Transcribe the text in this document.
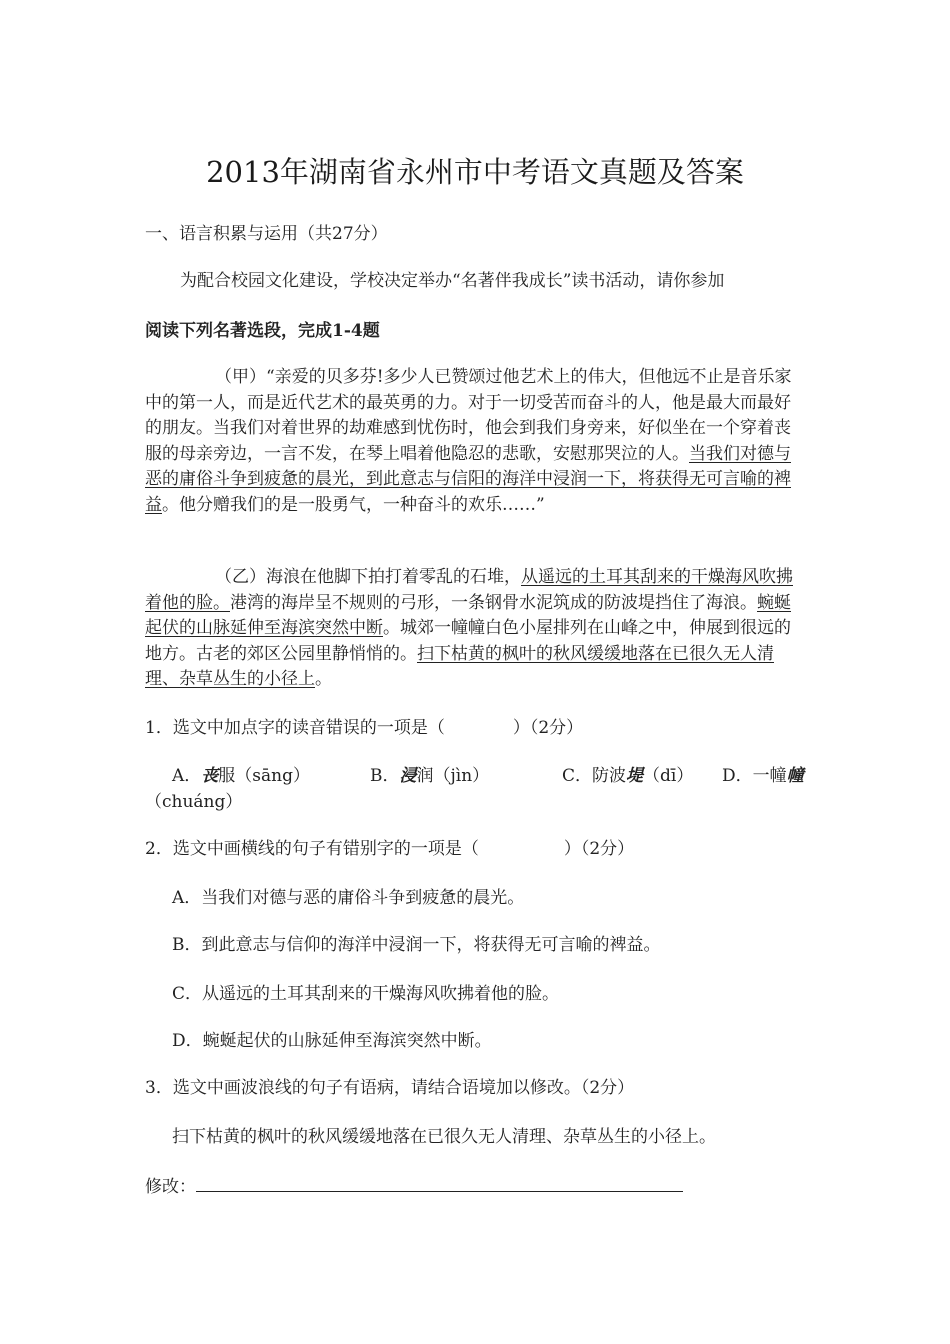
2013年湖南省永州市中考语文真题及答案
一、语言积累与运用（共27分）
为配合校园文化建设，学校决定举办“名著伴我成长”读书活动，请你参加
阅读下列名著选段，完成1-4题
（甲）“亲爱的贝多芬!多少人已赞颂过他艺术上的伟大，但他远不止是音乐家中的第一人，而是近代艺术的最英勇的力。对于一切受苦而奋斗的人，他是最大而最好的朋友。当我们对着世界的劫难感到忧伤时，他会到我们身旁来，好似坐在一个穿着丧服的母亲旁边，一言不发，在琴上唱着他隐忍的悲歌，安慰那哭泣的人。当我们对德与恶的庸俗斗争到疲惫的晨光，到此意志与信阳的海洋中浸润一下，将获得无可言喻的裨益。他分赠我们的是一股勇气，一种奋斗的欢乐……”
（乙）海浪在他脚下拍打着零乱的石堆，从遥远的土耳其刮来的干燥海风吹拂着他的脸。港湾的海岸呈不规则的弓形，一条钢骨水泥筑成的防波堤挡住了海浪。蜿蜒起伏的山脉延伸至海滨突然中断。城郊一幢幢白色小屋排列在山峰之中，伸展到很远的地方。古老的郊区公园里静悄悄的。扫下枯黄的枫叶的秋风缓缓地落在已很久无人清理、杂草丛生的小径上。
1．选文中加点字的读音错误的一项是（　　　　）（2分）
A．丧服（sāng）	B．浸润（jìn）	C．防波堤（dī） D．一幢幢
（chuáng）
2．选文中画横线的句子有错别字的一项是（　　　　　）（2分）
A．当我们对德与恶的庸俗斗争到疲惫的晨光。
B．到此意志与信仰的海洋中浸润一下，将获得无可言喻的裨益。
C．从遥远的土耳其刮来的干燥海风吹拂着他的脸。
D．蜿蜒起伏的山脉延伸至海滨突然中断。
3．选文中画波浪线的句子有语病，请结合语境加以修改。（2分）
扫下枯黄的枫叶的秋风缓缓地落在已很久无人清理、杂草丛生的小径上。
修改：
